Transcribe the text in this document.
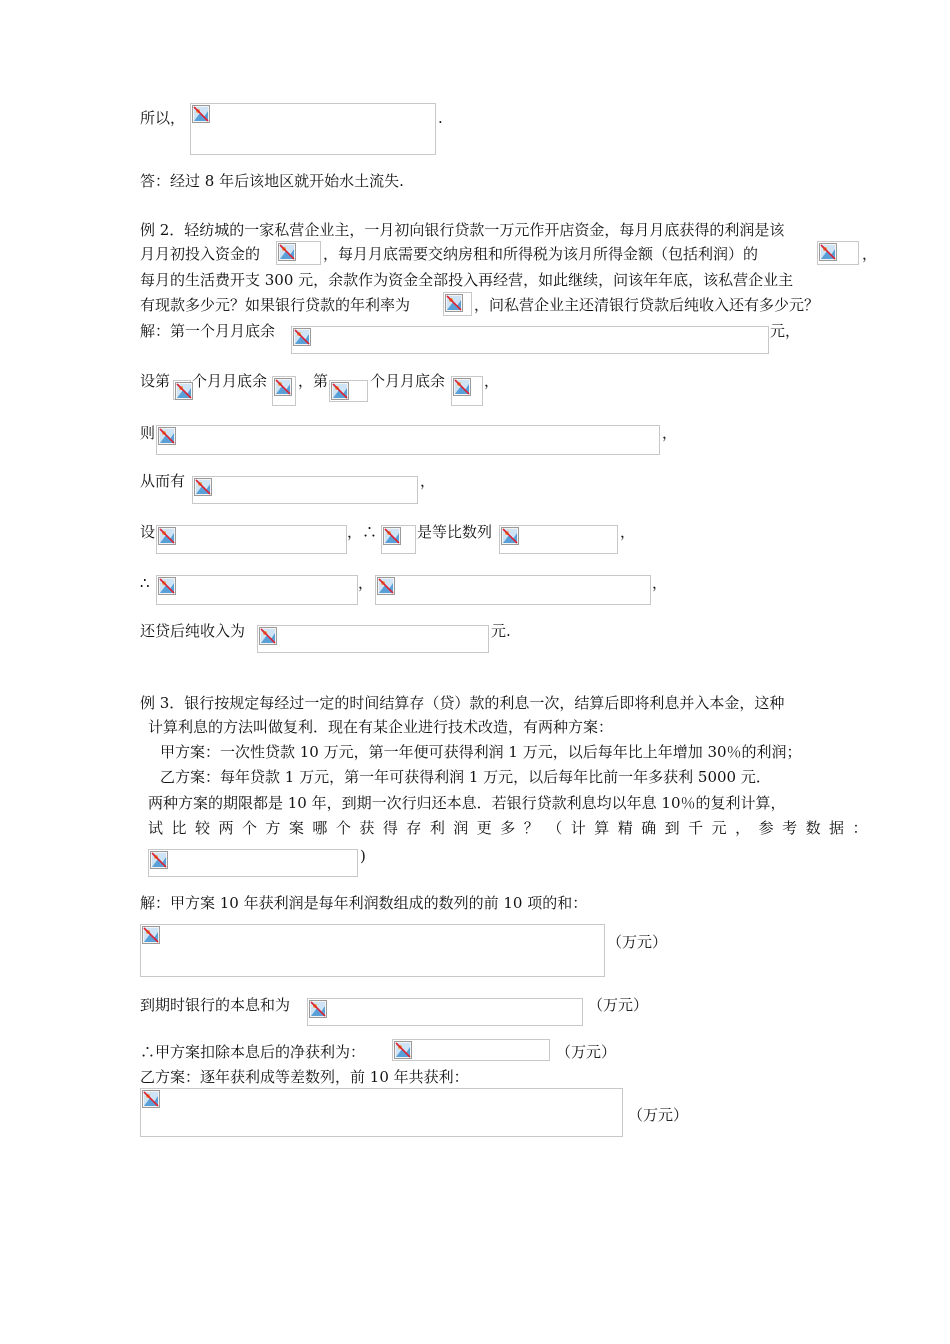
所以，	.
答：经过 8 年后该地区就开始水土流失.
例 2．轻纺城的一家私营企业主，一月初向银行贷款一万元作开店资金，每月月底获得的利润是该
月月初投入资金的	，每月月底需要交纳房租和所得税为该月所得金额（包括利润）的	，
每月的生活费开支 300 元，余款作为资金全部投入再经营，如此继续，问该年年底，该私营企业主
有现款多少元？如果银行贷款的年利率为	，问私营企业主还清银行贷款后纯收入还有多少元？
解：第一个月月底余	元，
设第 个月月底余 ，第	个月月底余	，
则	，
从而有	，
设	，∴	是等比数列	，
∴	，	，
还贷后纯收入为	元.
例 3．银行按规定每经过一定的时间结算存（贷）款的利息一次，结算后即将利息并入本金，这种
计算利息的方法叫做复利．现在有某企业进行技术改造，有两种方案：
甲方案：一次性贷款 10 万元，第一年便可获得利润 1 万元，以后每年比上年增加 30％的利润；
乙方案：每年贷款 1 万元，第一年可获得利润 1 万元，以后每年比前一年多获利 5000 元．
两种方案的期限都是 10 年，到期一次行归还本息．若银行贷款利息均以年息 10％的复利计算，
试 比 较 两 个 方 案 哪 个 获 得 存 利 润 更 多 ？ （ 计 算 精 确 到 千 元 ， 参 考 数 据 ：
)
解：甲方案 10 年获利润是每年利润数组成的数列的前 10 项的和：
（万元）
到期时银行的本息和为	（万元）
∴甲方案扣除本息后的净获利为：	（万元）
乙方案：逐年获利成等差数列，前 10 年共获利：
（万元）
